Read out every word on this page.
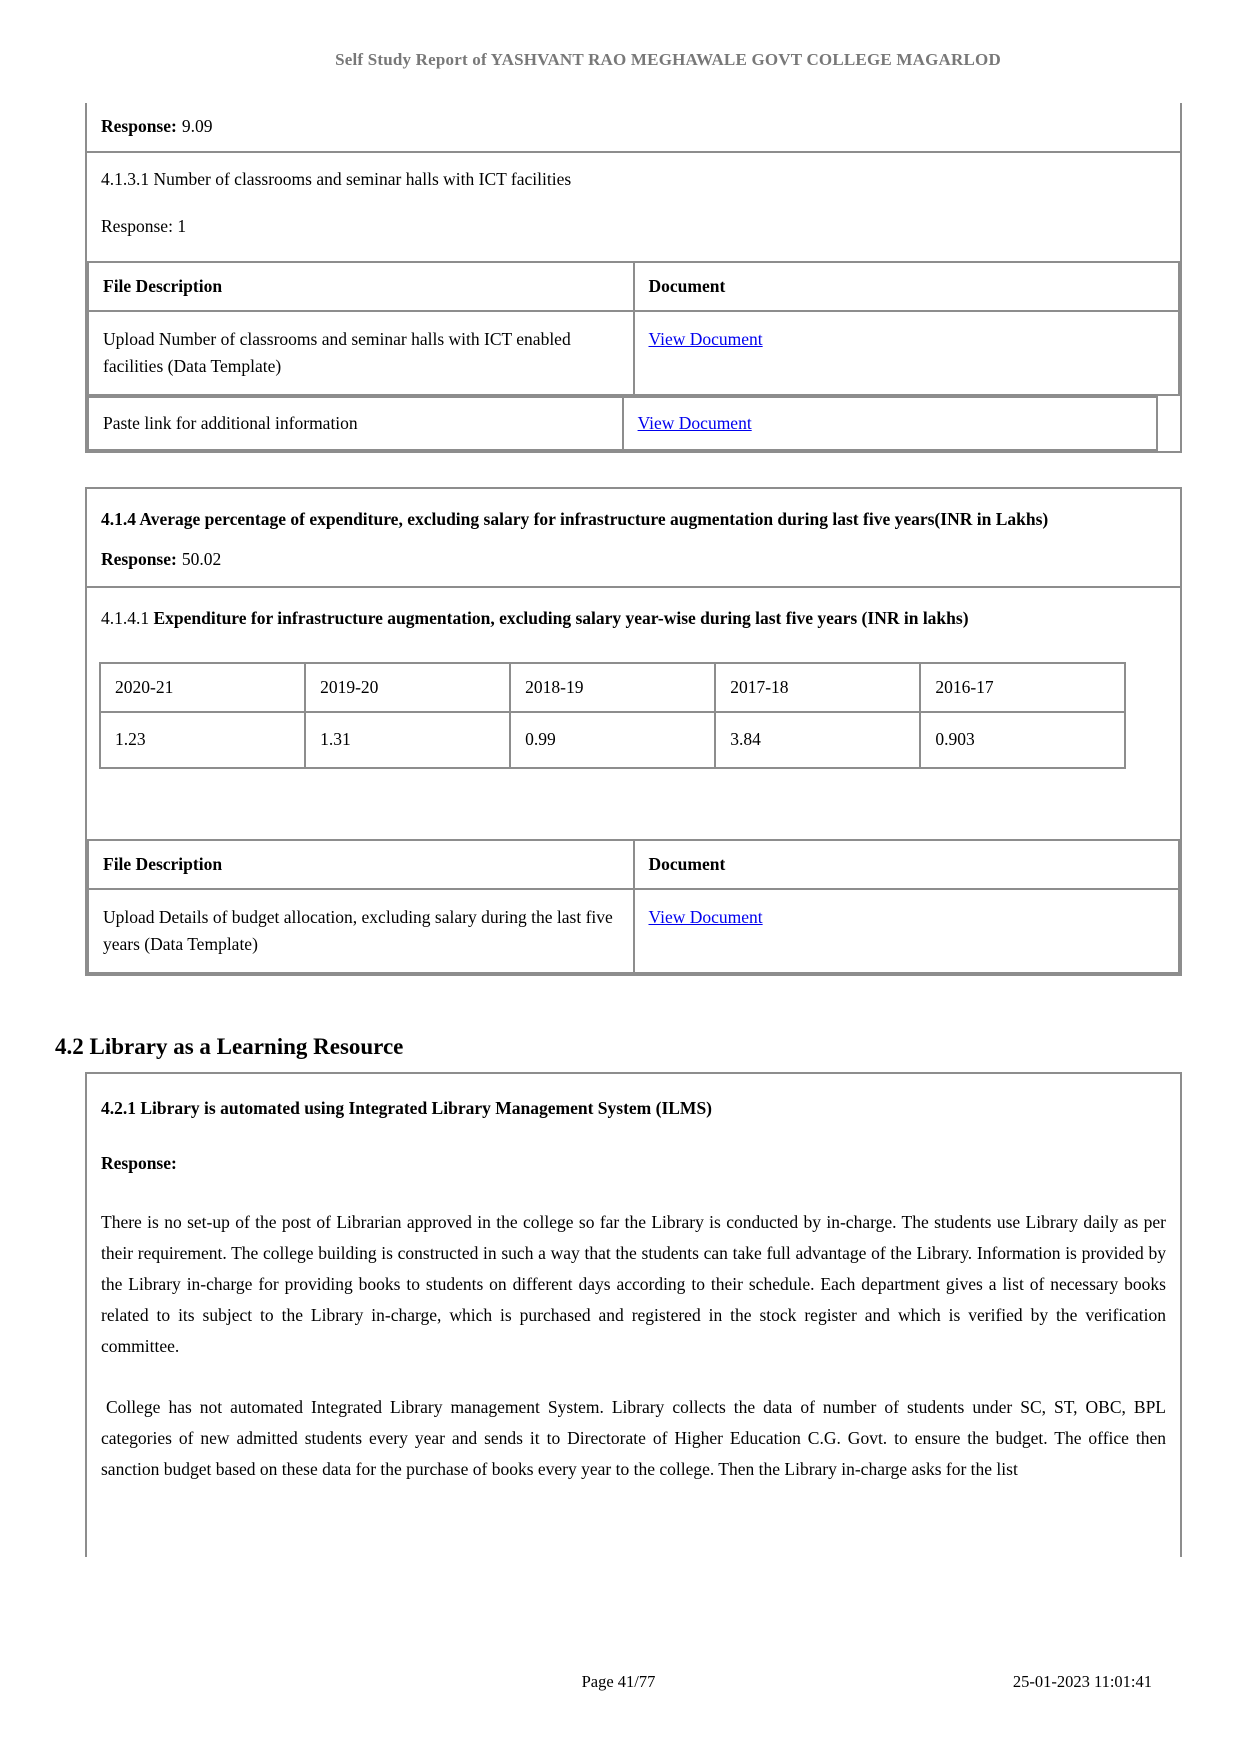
Self Study Report of YASHVANT RAO MEGHAWALE GOVT COLLEGE MAGARLOD
Response: 9.09
4.1.3.1 Number of classrooms and seminar halls with ICT facilities
Response: 1
File Description	Document
Upload Number of classrooms and seminar halls with ICT enabled facilities (Data Template)	View Document
Paste link for additional information	View Document
4.1.4 Average percentage of expenditure, excluding salary for infrastructure augmentation during last five years(INR in Lakhs)
Response: 50.02
4.1.4.1 Expenditure for infrastructure augmentation, excluding salary year-wise during last five years (INR in lakhs)
2020-21	2019-20	2018-19	2017-18	2016-17
1.23	1.31	0.99	3.84	0.903
File Description	Document
Upload Details of budget allocation, excluding salary during the last five years (Data Template)	View Document
4.2 Library as a Learning Resource
4.2.1 Library is automated using Integrated Library Management System (ILMS)
Response:
There is no set-up of the post of Librarian approved in the college so far the Library is conducted by in-charge. The students use Library daily as per their requirement. The college building is constructed in such a way that the students can take full advantage of the Library. Information is provided by the Library in-charge for providing books to students on different days according to their schedule. Each department gives a list of necessary books related to its subject to the Library in-charge, which is purchased and registered in the stock register and which is verified by the verification committee.
College has not automated Integrated Library management System. Library collects the data of number of students under SC, ST, OBC, BPL categories of new admitted students every year and sends it to Directorate of Higher Education C.G. Govt. to ensure the budget. The office then sanction budget based on these data for the purchase of books every year to the college. Then the Library in-charge asks for the list
Page 41/77	25-01-2023 11:01:41
